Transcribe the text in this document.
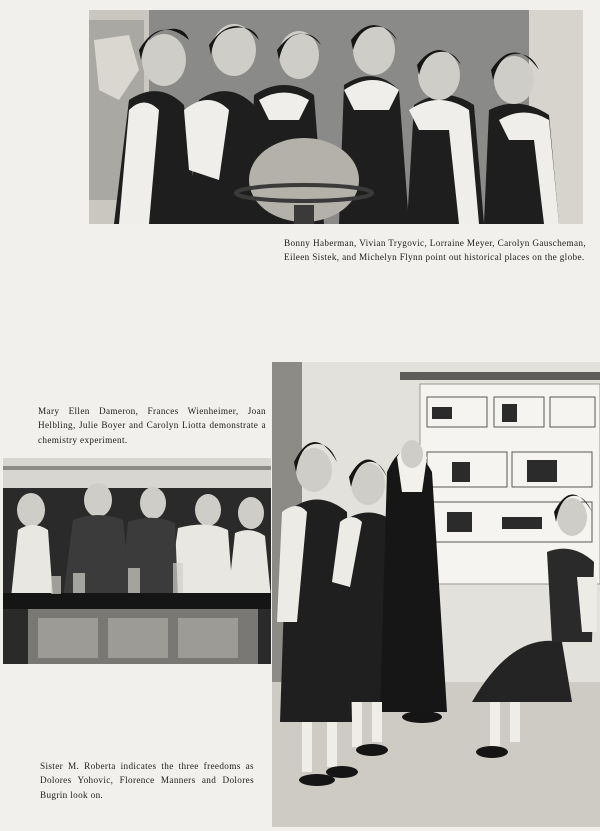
Bonny Haberman, Vivian Trygovic, Lorraine Meyer, Carolyn Gauscheman, Eileen Sistek, and Michelyn Flynn point out historical places on the globe.

Mary Ellen Dameron, Frances Wienheimer, Joan Helbling, Julie Boyer and Carolyn Liotta demonstrate a chemistry experiment.

Sister M. Roberta indicates the three freedoms as Dolores Yohovic, Florence Manners and Dolores Bugrin look on.
